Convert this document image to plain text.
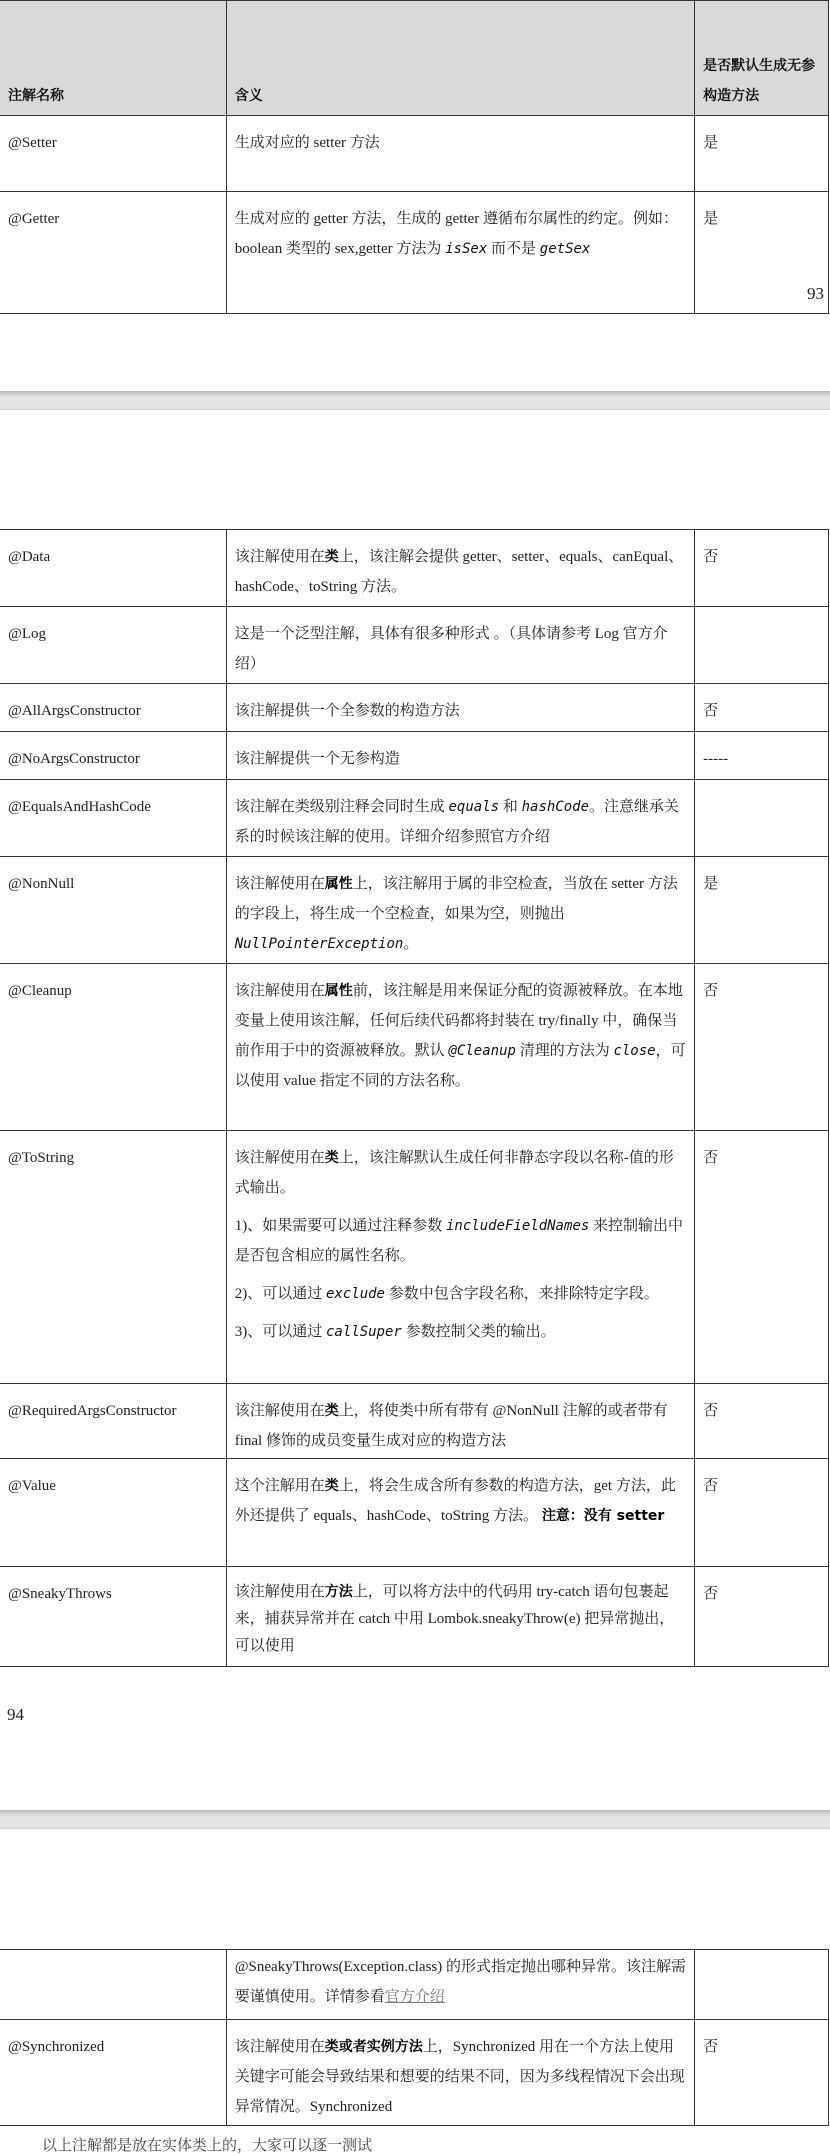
注解名称	含义	是否默认生成无参构造方法
@Setter	生成对应的 setter 方法	是
@Getter	生成对应的 getter 方法，生成的 getter 遵循布尔属性的约定。例如：boolean 类型的 sex,getter 方法为 isSex 而不是 getSex	是
93
@Data	该注解使用在类上，该注解会提供 getter、setter、equals、canEqual、hashCode、toString 方法。	否
@Log	这是一个泛型注解，具体有很多种形式 。（具体请参考 Log 官方介绍）	
@AllArgsConstructor	该注解提供一个全参数的构造方法	否
@NoArgsConstructor	该注解提供一个无参构造	-----
@EqualsAndHashCode	该注解在类级别注释会同时生成 equals 和 hashCode。注意继承关系的时候该注解的使用。详细介绍参照官方介绍	
@NonNull	该注解使用在属性上，该注解用于属的非空检查，当放在 setter 方法的字段上，将生成一个空检查，如果为空，则抛出 NullPointerException。	是
@Cleanup	该注解使用在属性前，该注解是用来保证分配的资源被释放。在本地变量上使用该注解，任何后续代码都将封装在 try/finally 中，确保当前作用于中的资源被释放。默认 @Cleanup 清理的方法为 close，可以使用 value 指定不同的方法名称。	否
@ToString	该注解使用在类上，该注解默认生成任何非静态字段以名称-值的形式输出。

1)、如果需要可以通过注释参数 includeFieldNames 来控制输出中是否包含相应的属性名称。

2)、可以通过 exclude 参数中包含字段名称，来排除特定字段。

3)、可以通过 callSuper 参数控制父类的输出。	否
@RequiredArgsConstructor	该注解使用在类上，将使类中所有带有 @NonNull 注解的或者带有 final 修饰的成员变量生成对应的构造方法	否
@Value	这个注解用在类上，将会生成含所有参数的构造方法，get 方法，此外还提供了 equals、hashCode、toString 方法。 注意：没有 setter	否
@SneakyThrows	该注解使用在方法上，可以将方法中的代码用 try-catch 语句包裹起来，捕获异常并在 catch 中用 Lombok.sneakyThrow(e) 把异常抛出，可以使用	否
94
	@SneakyThrows(Exception.class) 的形式指定抛出哪种异常。该注解需要谨慎使用。详情参看官方介绍	
@Synchronized	该注解使用在类或者实例方法上，Synchronized 用在一个方法上使用关键字可能会导致结果和想要的结果不同，因为多线程情况下会出现异常情况。Synchronized	否
以上注解都是放在实体类上的，大家可以逐一测试
